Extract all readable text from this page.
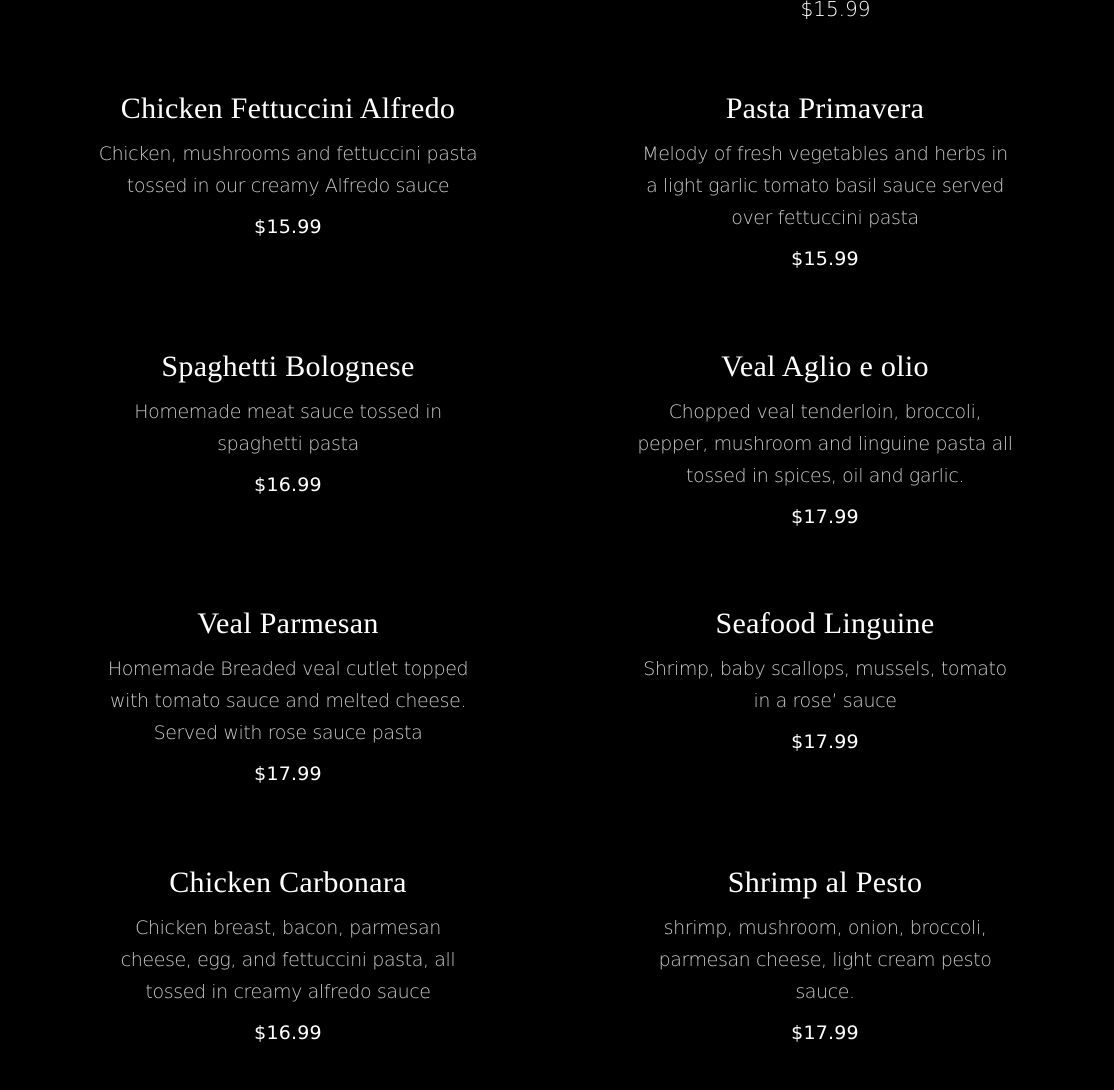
$15.99
Chicken Fettuccini Alfredo
Chicken, mushrooms and fettuccini pasta tossed in our creamy Alfredo sauce
$15.99
Pasta Primavera
Melody of fresh vegetables and herbs in a light garlic tomato basil sauce served over fettuccini pasta
$15.99
Spaghetti Bolognese
Homemade meat sauce tossed in spaghetti pasta
$16.99
Veal Aglio e olio
Chopped veal tenderloin, broccoli, pepper, mushroom and linguine pasta all tossed in spices, oil and garlic.
$17.99
Veal Parmesan
Homemade Breaded veal cutlet topped with tomato sauce and melted cheese. Served with rose sauce pasta
$17.99
Seafood Linguine
Shrimp, baby scallops, mussels, tomato in a rose’ sauce
$17.99
Chicken Carbonara
Chicken breast, bacon, parmesan cheese, egg, and fettuccini pasta, all tossed in creamy alfredo sauce
$16.99
Shrimp al Pesto
shrimp, mushroom, onion, broccoli, parmesan cheese, light cream pesto sauce.
$17.99
